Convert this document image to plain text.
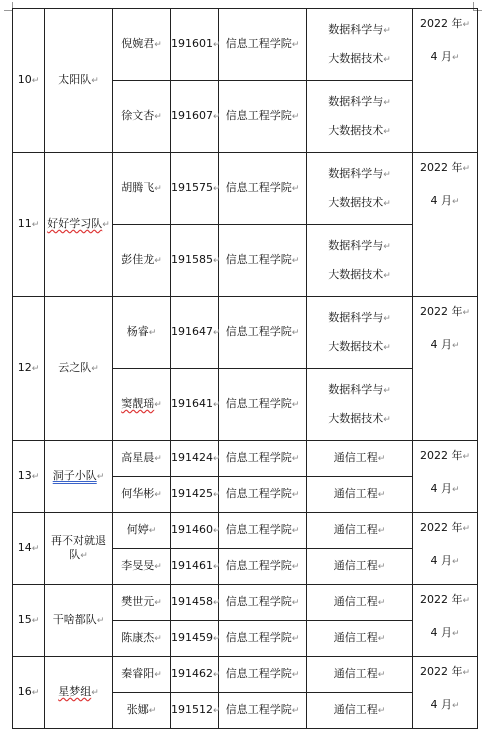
10↵	太阳队↵	倪婉君↵	191601↵	信息工程学院↵	数据科学与↵
大数据技术↵	2022 年↵
4 月↵

		徐文杏↵	191607↵	信息工程学院↵	数据科学与↵
大数据技术↵	

11↵	好好学习队↵	胡腾飞↵	191575↵	信息工程学院↵	数据科学与↵
大数据技术↵	2022 年↵
4 月↵

		彭佳龙↵	191585↵	信息工程学院↵	数据科学与↵
大数据技术↵	

12↵	云之队↵	杨睿↵	191647↵	信息工程学院↵	数据科学与↵
大数据技术↵	2022 年↵
4 月↵

		窦靓瑶↵	191641↵	信息工程学院↵	数据科学与↵
大数据技术↵	

13↵	洞子小队↵	高星晨↵	191424↵	信息工程学院↵	通信工程↵	2022 年↵
4 月↵

		何华彬↵	191425↵	信息工程学院↵	通信工程↵	
14↵	再不对就退
队↵	何婷↵	191460↵	信息工程学院↵	通信工程↵	2022 年↵
4 月↵

		李旻旻↵	191461↵	信息工程学院↵	通信工程↵	
15↵	干啥都队↵	樊世元↵	191458↵	信息工程学院↵	通信工程↵	2022 年↵
4 月↵

		陈康杰↵	191459↵	信息工程学院↵	通信工程↵	
16↵	星梦组↵	秦睿阳↵	191462↵	信息工程学院↵	通信工程↵	2022 年↵
4 月↵

		张娜↵	191512↵	信息工程学院↵	通信工程↵	
